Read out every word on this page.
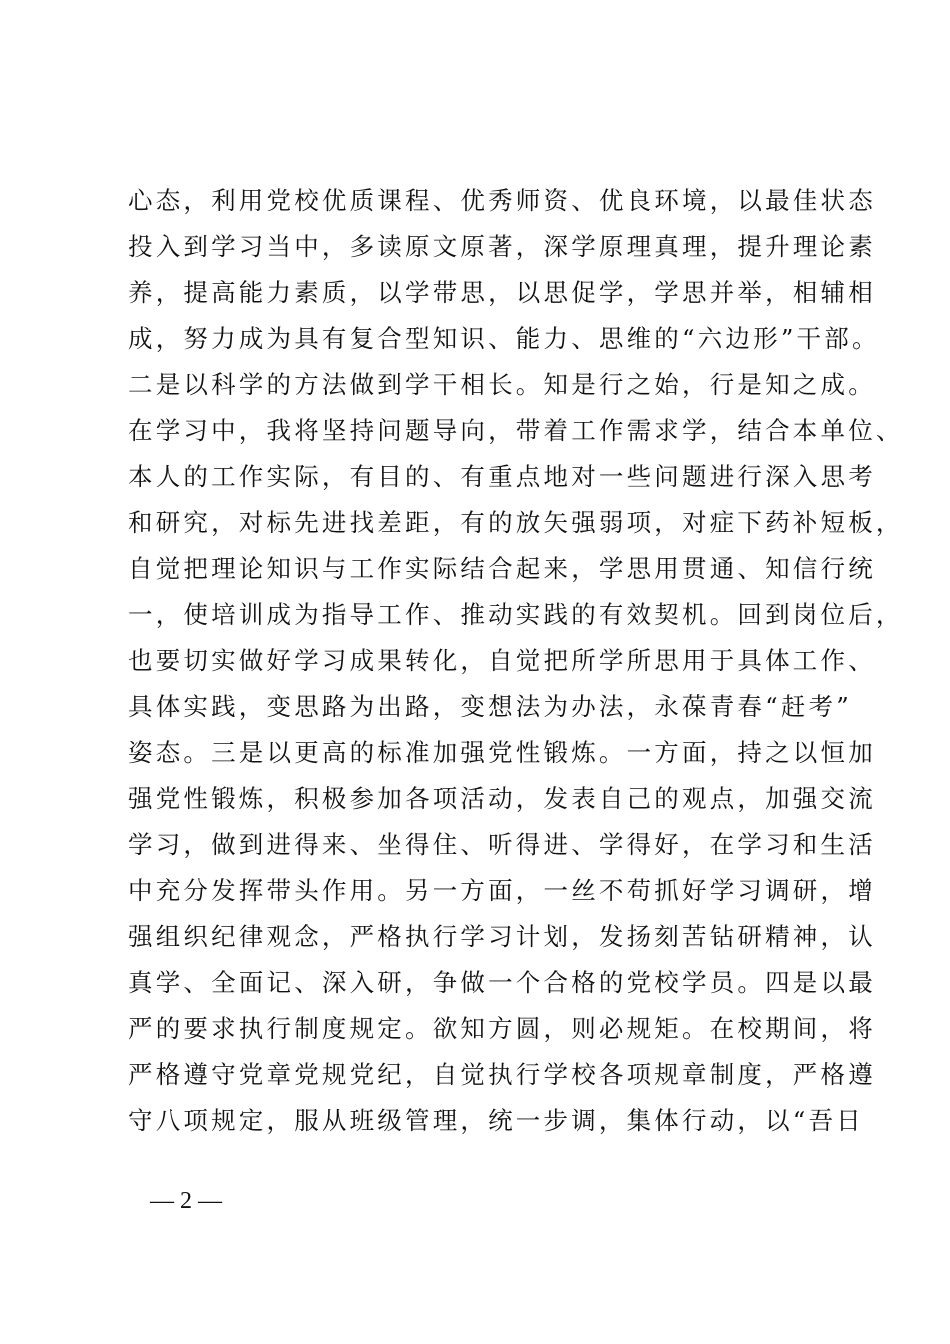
心态，利用党校优质课程、优秀师资、优良环境，以最佳状态
投入到学习当中，多读原文原著，深学原理真理，提升理论素
养，提高能力素质，以学带思，以思促学，学思并举，相辅相
成，努力成为具有复合型知识、能力、思维的“六边形”干部。
二是以科学的方法做到学干相长。知是行之始，行是知之成。
在学习中，我将坚持问题导向，带着工作需求学，结合本单位、
本人的工作实际，有目的、有重点地对一些问题进行深入思考
和研究，对标先进找差距，有的放矢强弱项，对症下药补短板，
自觉把理论知识与工作实际结合起来，学思用贯通、知信行统
一，使培训成为指导工作、推动实践的有效契机。回到岗位后，
也要切实做好学习成果转化，自觉把所学所思用于具体工作、
具体实践，变思路为出路，变想法为办法，永葆青春“赶考”
姿态。三是以更高的标准加强党性锻炼。一方面，持之以恒加
强党性锻炼，积极参加各项活动，发表自己的观点，加强交流
学习，做到进得来、坐得住、听得进、学得好，在学习和生活
中充分发挥带头作用。另一方面，一丝不苟抓好学习调研，增
强组织纪律观念，严格执行学习计划，发扬刻苦钻研精神，认
真学、全面记、深入研，争做一个合格的党校学员。四是以最
严的要求执行制度规定。欲知方圆，则必规矩。在校期间，将
严格遵守党章党规党纪，自觉执行学校各项规章制度，严格遵
守八项规定，服从班级管理，统一步调，集体行动，以“吾日
— 2 —
